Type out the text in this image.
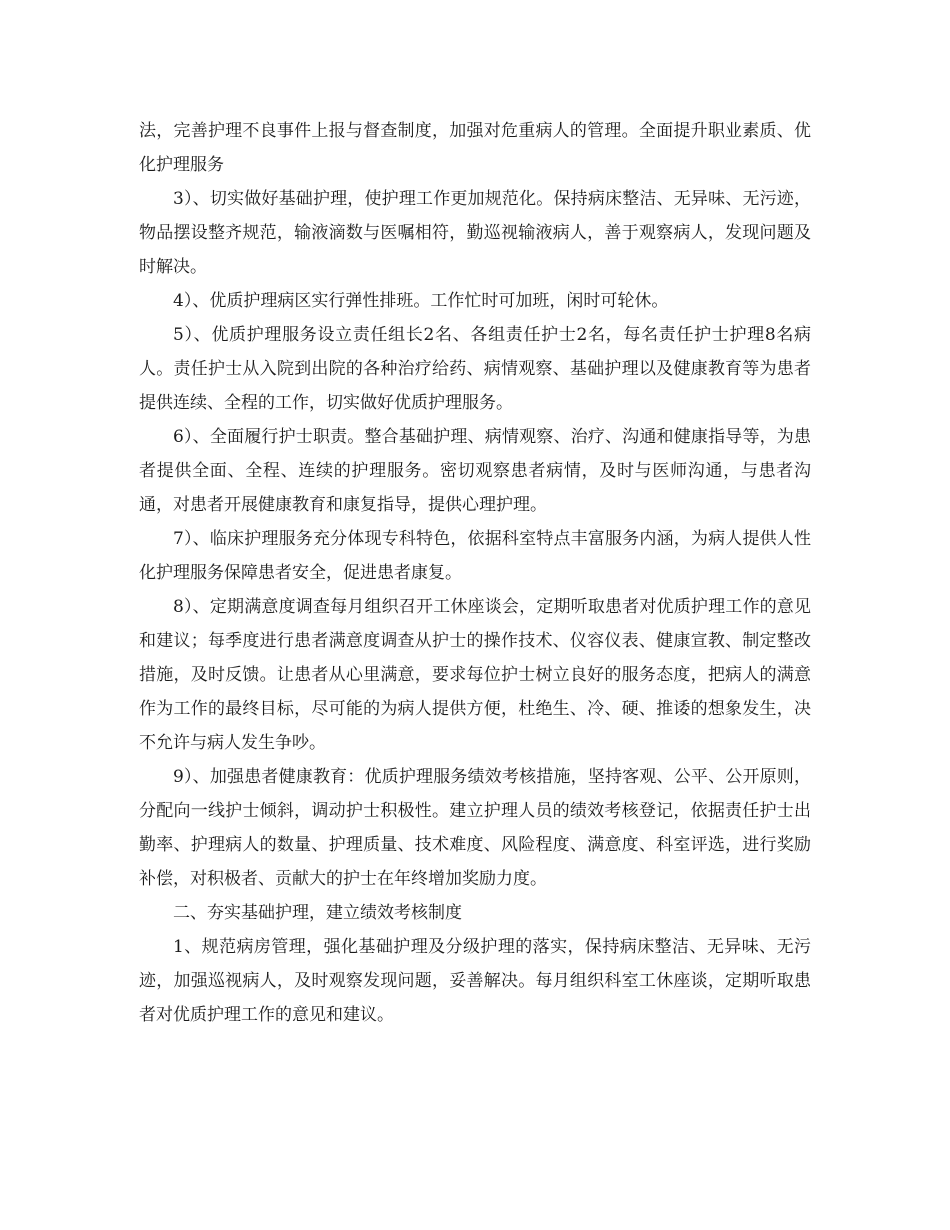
法，完善护理不良事件上报与督查制度，加强对危重病人的管理。全面提升职业素质、优化护理服务

3）、切实做好基础护理，使护理工作更加规范化。保持病床整洁、无异味、无污迹，物品摆设整齐规范，输液滴数与医嘱相符，勤巡视输液病人，善于观察病人，发现问题及时解决。

4）、优质护理病区实行弹性排班。工作忙时可加班，闲时可轮休。

5）、优质护理服务设立责任组长2名、各组责任护士2名，每名责任护士护理8名病人。责任护士从入院到出院的各种治疗给药、病情观察、基础护理以及健康教育等为患者提供连续、全程的工作，切实做好优质护理服务。

6）、全面履行护士职责。整合基础护理、病情观察、治疗、沟通和健康指导等，为患者提供全面、全程、连续的护理服务。密切观察患者病情，及时与医师沟通，与患者沟通，对患者开展健康教育和康复指导，提供心理护理。

7）、临床护理服务充分体现专科特色，依据科室特点丰富服务内涵，为病人提供人性化护理服务保障患者安全，促进患者康复。

8）、定期满意度调查每月组织召开工休座谈会，定期听取患者对优质护理工作的意见和建议；每季度进行患者满意度调查从护士的操作技术、仪容仪表、健康宣教、制定整改措施，及时反馈。让患者从心里满意，要求每位护士树立良好的服务态度，把病人的满意作为工作的最终目标，尽可能的为病人提供方便，杜绝生、冷、硬、推诿的想象发生，决不允许与病人发生争吵。

9）、加强患者健康教育：优质护理服务绩效考核措施，坚持客观、公平、公开原则，分配向一线护士倾斜，调动护士积极性。建立护理人员的绩效考核登记，依据责任护士出勤率、护理病人的数量、护理质量、技术难度、风险程度、满意度、科室评选，进行奖励补偿，对积极者、贡献大的护士在年终增加奖励力度。

二、夯实基础护理，建立绩效考核制度

1、规范病房管理，强化基础护理及分级护理的落实，保持病床整洁、无异味、无污迹，加强巡视病人，及时观察发现问题，妥善解决。每月组织科室工休座谈，定期听取患者对优质护理工作的意见和建议。
